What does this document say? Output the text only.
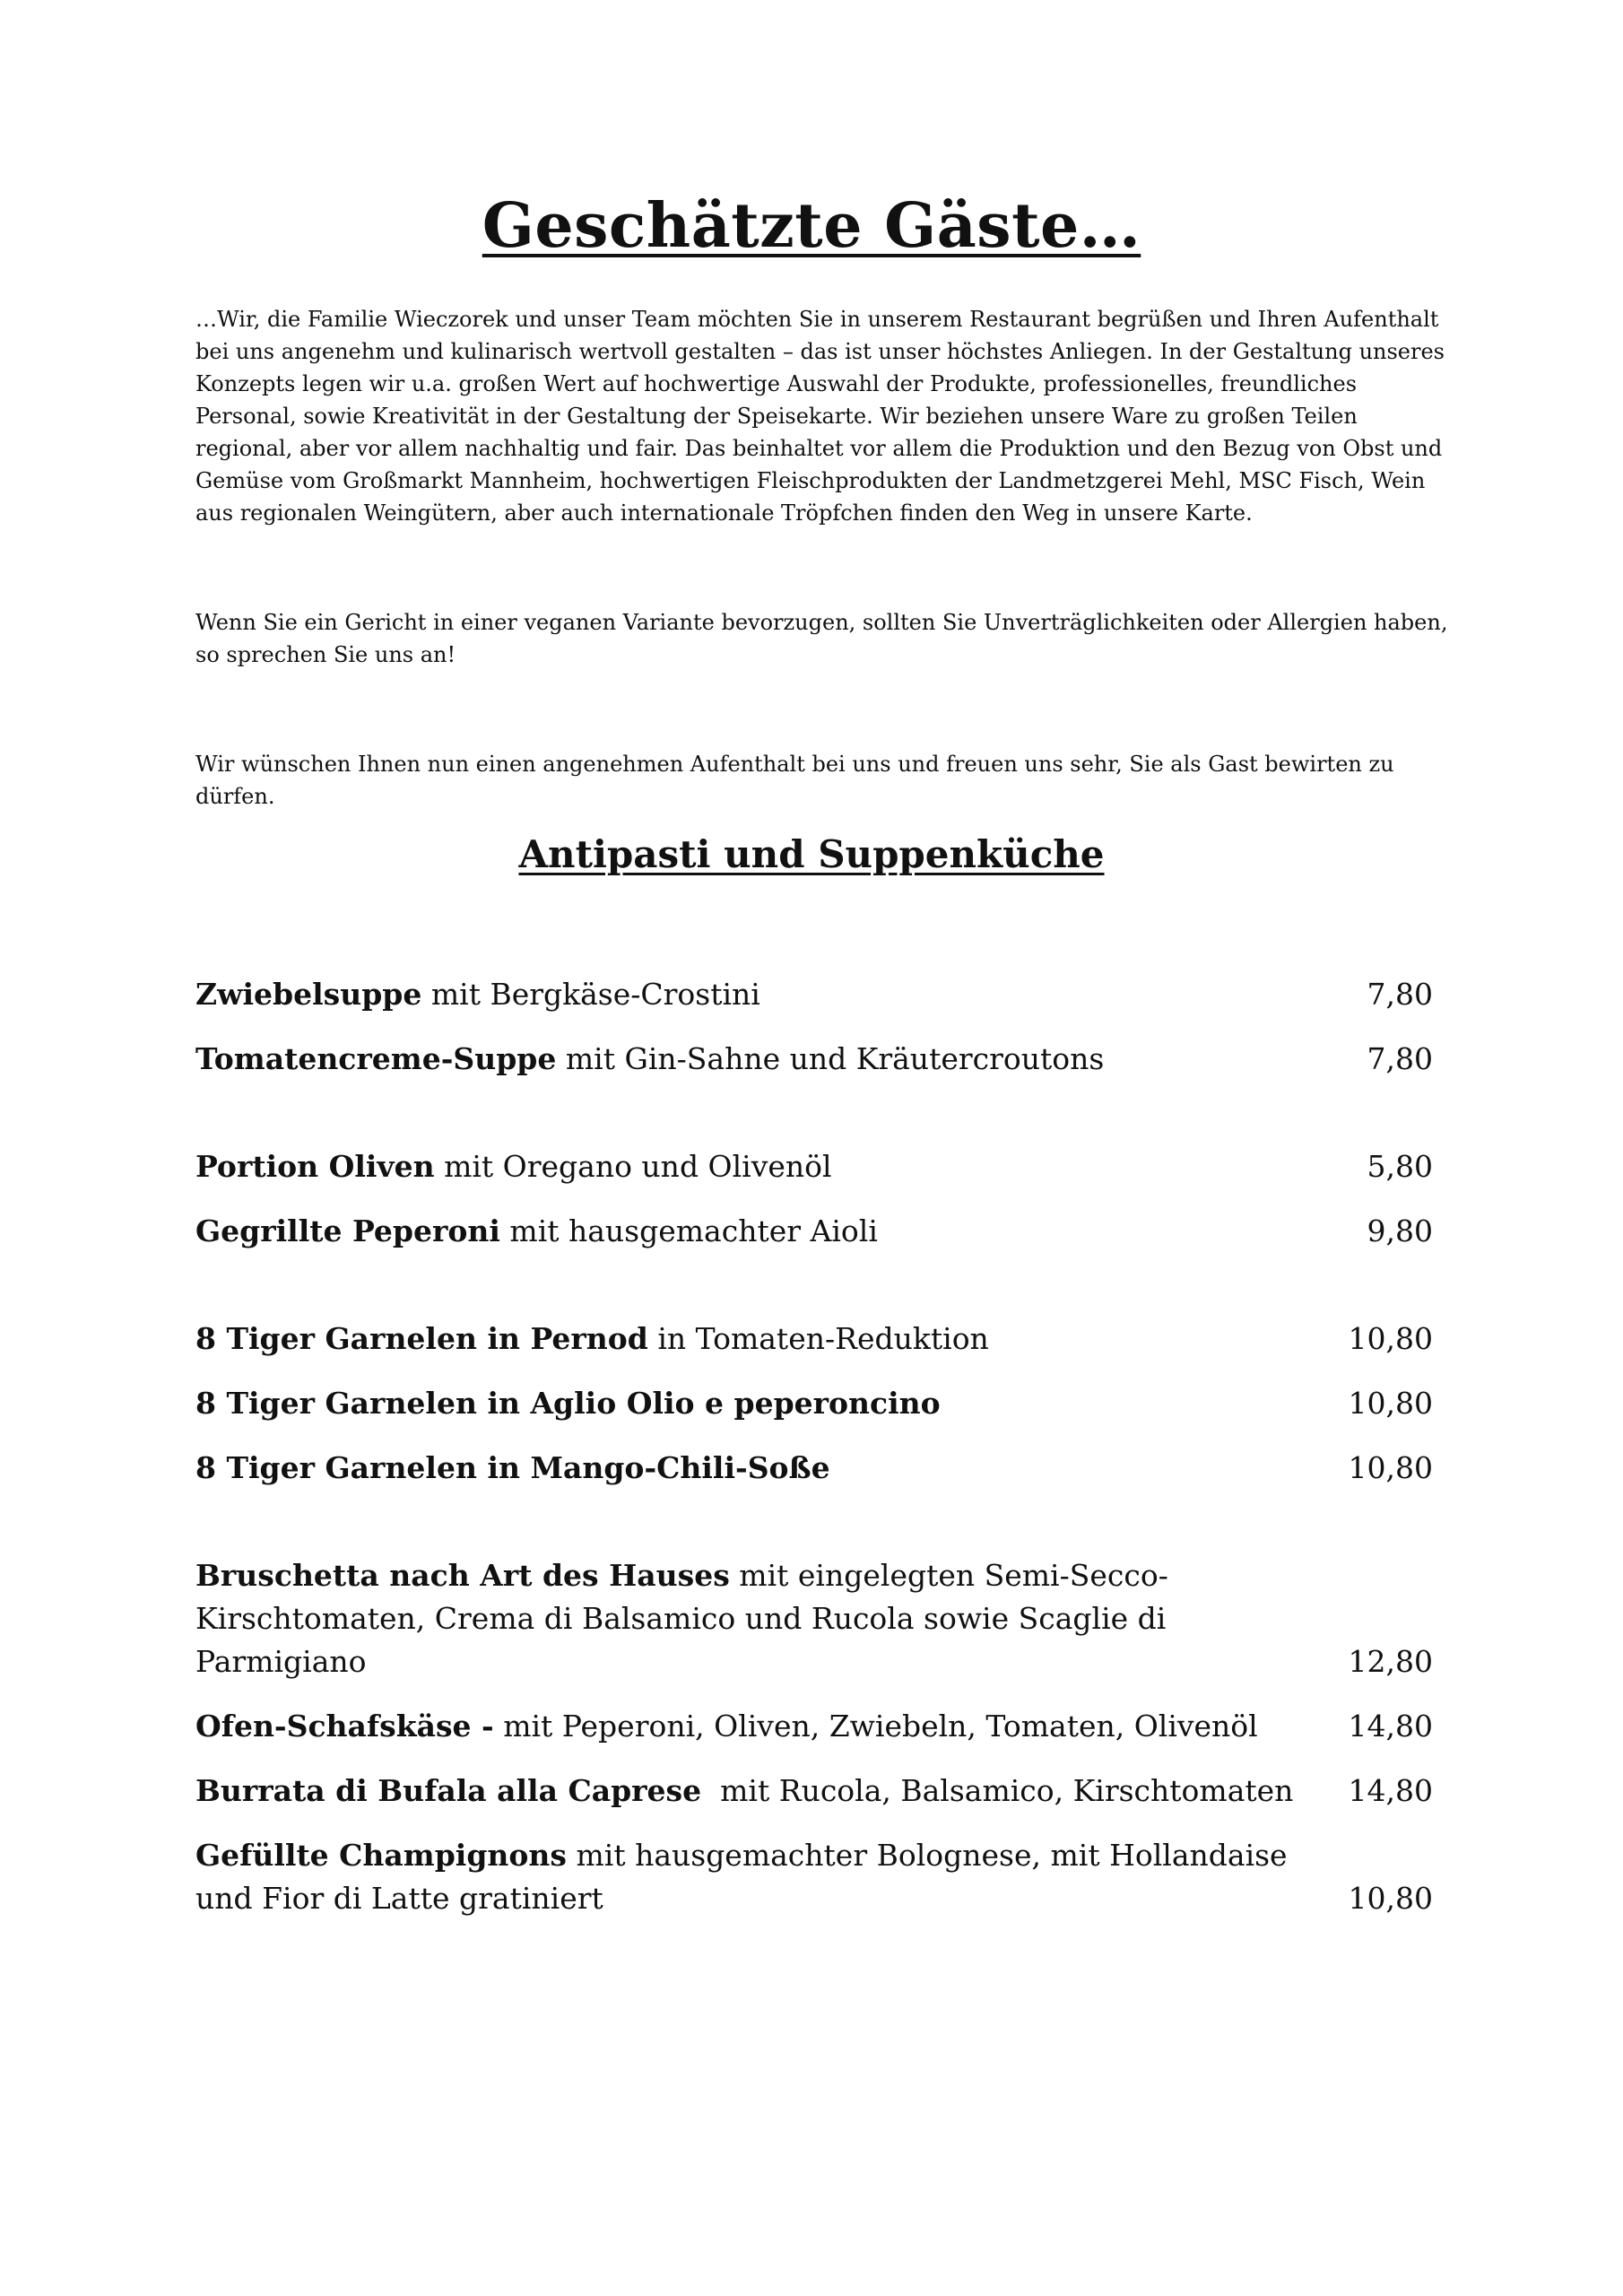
Geschätzte Gäste…

…Wir, die Familie Wieczorek und unser Team möchten Sie in unserem Restaurant begrüßen und Ihren Aufenthalt bei uns angenehm und kulinarisch wertvoll gestalten – das ist unser höchstes Anliegen. In der Gestaltung unseres Konzepts legen wir u.a. großen Wert auf hochwertige Auswahl der Produkte, professionelles, freundliches Personal, sowie Kreativität in der Gestaltung der Speisekarte. Wir beziehen unsere Ware zu großen Teilen regional, aber vor allem nachhaltig und fair. Das beinhaltet vor allem die Produktion und den Bezug von Obst und Gemüse vom Großmarkt Mannheim, hochwertigen Fleischprodukten der Landmetzgerei Mehl, MSC Fisch, Wein aus regionalen Weingütern, aber auch internationale Tröpfchen finden den Weg in unsere Karte.

Wenn Sie ein Gericht in einer veganen Variante bevorzugen, sollten Sie Unverträglichkeiten oder Allergien haben, so sprechen Sie uns an!

Wir wünschen Ihnen nun einen angenehmen Aufenthalt bei uns und freuen uns sehr, Sie als Gast bewirten zu dürfen.

Antipasti und Suppenküche
Zwiebelsuppe mit Bergkäse-Crostini	7,80
Tomatencreme-Suppe mit Gin-Sahne und Kräutercroutons	7,80
Portion Oliven mit Oregano und Olivenöl	5,80
Gegrillte Peperoni mit hausgemachter Aioli	9,80
8 Tiger Garnelen in Pernod in Tomaten-Reduktion	10,80
8 Tiger Garnelen in Aglio Olio e peperoncino	10,80
8 Tiger Garnelen in Mango-Chili-Soße	10,80
Bruschetta nach Art des Hauses mit eingelegten Semi-Secco-Kirschtomaten, Crema di Balsamico und Rucola sowie Scaglie di Parmigiano	12,80
Ofen-Schafskäse - mit Peperoni, Oliven, Zwiebeln, Tomaten, Olivenöl	14,80
Burrata di Bufala alla Caprese  mit Rucola, Balsamico, Kirschtomaten 14,80
Gefüllte Champignons mit hausgemachter Bolognese, mit Hollandaise und Fior di Latte gratiniert	10,80
